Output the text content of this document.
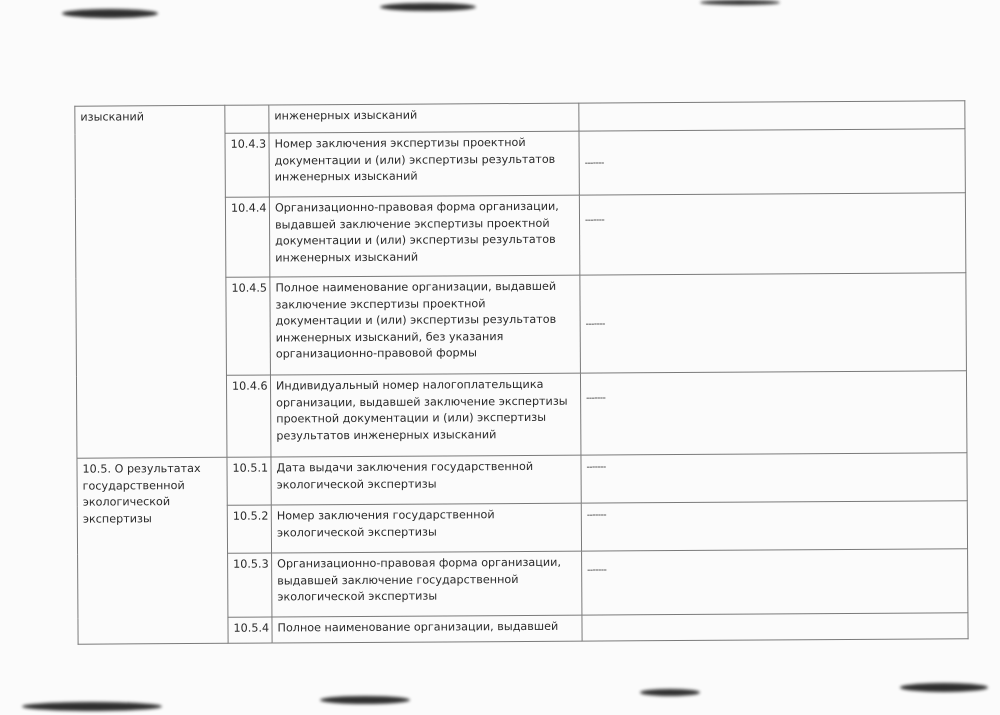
изысканий		инженерных изысканий	
	10.4.3	Номер заключения экспертизы проектной документации и (или) экспертизы результатов инженерных изысканий	-------
	10.4.4	Организационно-правовая форма организации, выдавшей заключение экспертизы проектной документации и (или) экспертизы результатов инженерных изысканий	-------
	10.4.5	Полное наименование организации, выдавшей заключение экспертизы проектной документации и (или) экспертизы результатов инженерных изысканий, без указания организационно-правовой формы	-------
	10.4.6	Индивидуальный номер налогоплательщика организации, выдавшей заключение экспертизы проектной документации и (или) экспертизы результатов инженерных изысканий	-------
10.5. О результатах государственной экологической экспертизы	10.5.1	Дата выдачи заключения государственной экологической экспертизы	-------
	10.5.2	Номер заключения государственной экологической экспертизы	-------
	10.5.3	Организационно-правовая форма организации, выдавшей заключение государственной экологической экспертизы	-------
	10.5.4	Полное наименование организации, выдавшей	
